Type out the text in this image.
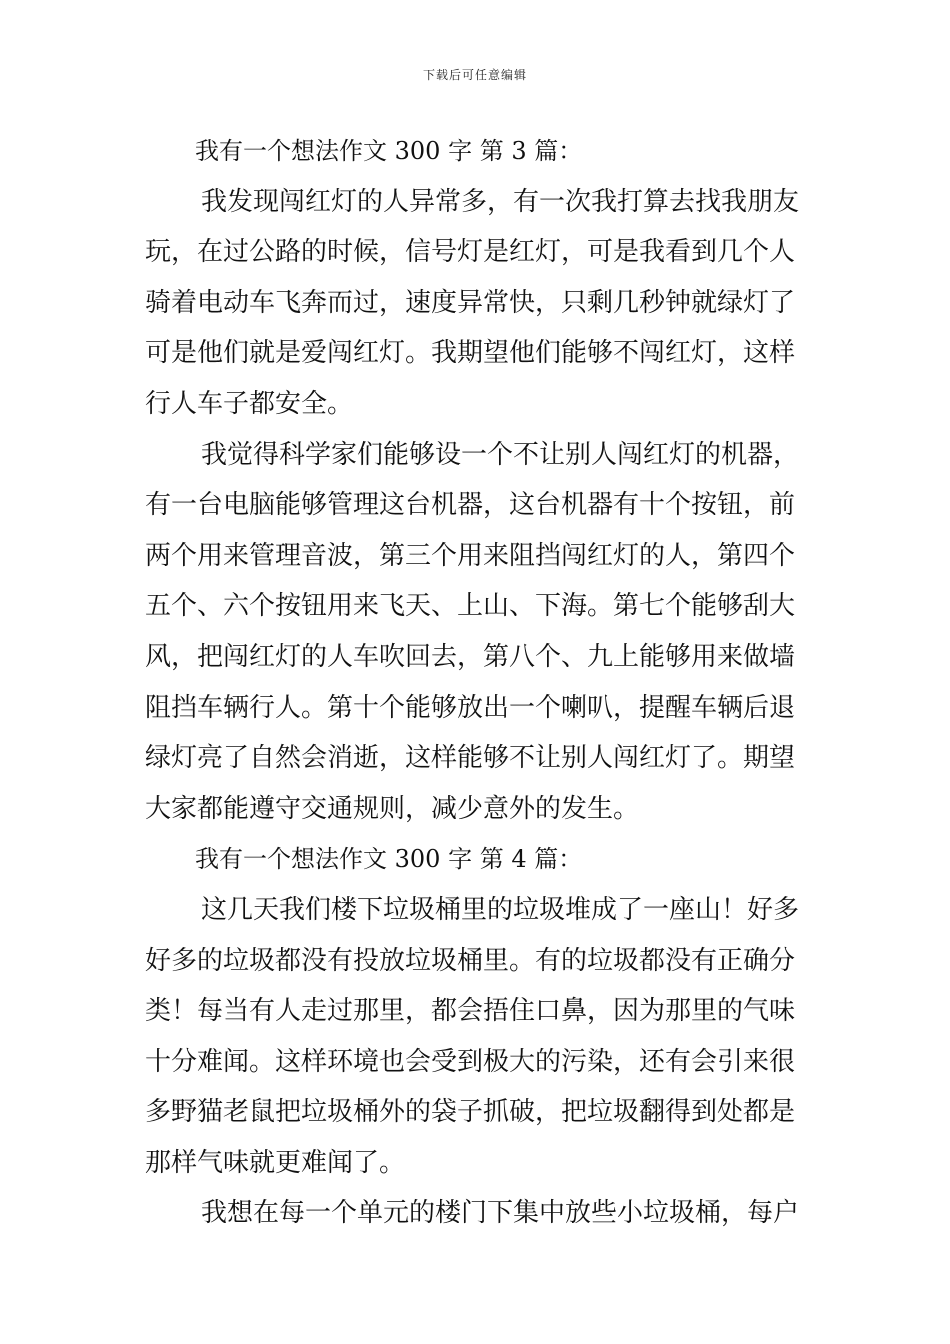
下载后可任意编辑
我有一个想法作文 300 字 第 3 篇：
我发现闯红灯的人异常多，有一次我打算去找我朋友
玩，在过公路的时候，信号灯是红灯，可是我看到几个人
骑着电动车飞奔而过，速度异常快，只剩几秒钟就绿灯了
可是他们就是爱闯红灯。我期望他们能够不闯红灯，这样
行人车子都安全。
我觉得科学家们能够设一个不让别人闯红灯的机器，
有一台电脑能够管理这台机器，这台机器有十个按钮，前
两个用来管理音波，第三个用来阻挡闯红灯的人，第四个
五个、六个按钮用来飞天、上山、下海。第七个能够刮大
风，把闯红灯的人车吹回去，第八个、九上能够用来做墙
阻挡车辆行人。第十个能够放出一个喇叭，提醒车辆后退
绿灯亮了自然会消逝，这样能够不让别人闯红灯了。期望
大家都能遵守交通规则，减少意外的发生。
我有一个想法作文 300 字 第 4 篇：
这几天我们楼下垃圾桶里的垃圾堆成了一座山！好多
好多的垃圾都没有投放垃圾桶里。有的垃圾都没有正确分
类！每当有人走过那里，都会捂住口鼻，因为那里的气味
十分难闻。这样环境也会受到极大的污染，还有会引来很
多野猫老鼠把垃圾桶外的袋子抓破，把垃圾翻得到处都是
那样气味就更难闻了。
我想在每一个单元的楼门下集中放些小垃圾桶，每户
